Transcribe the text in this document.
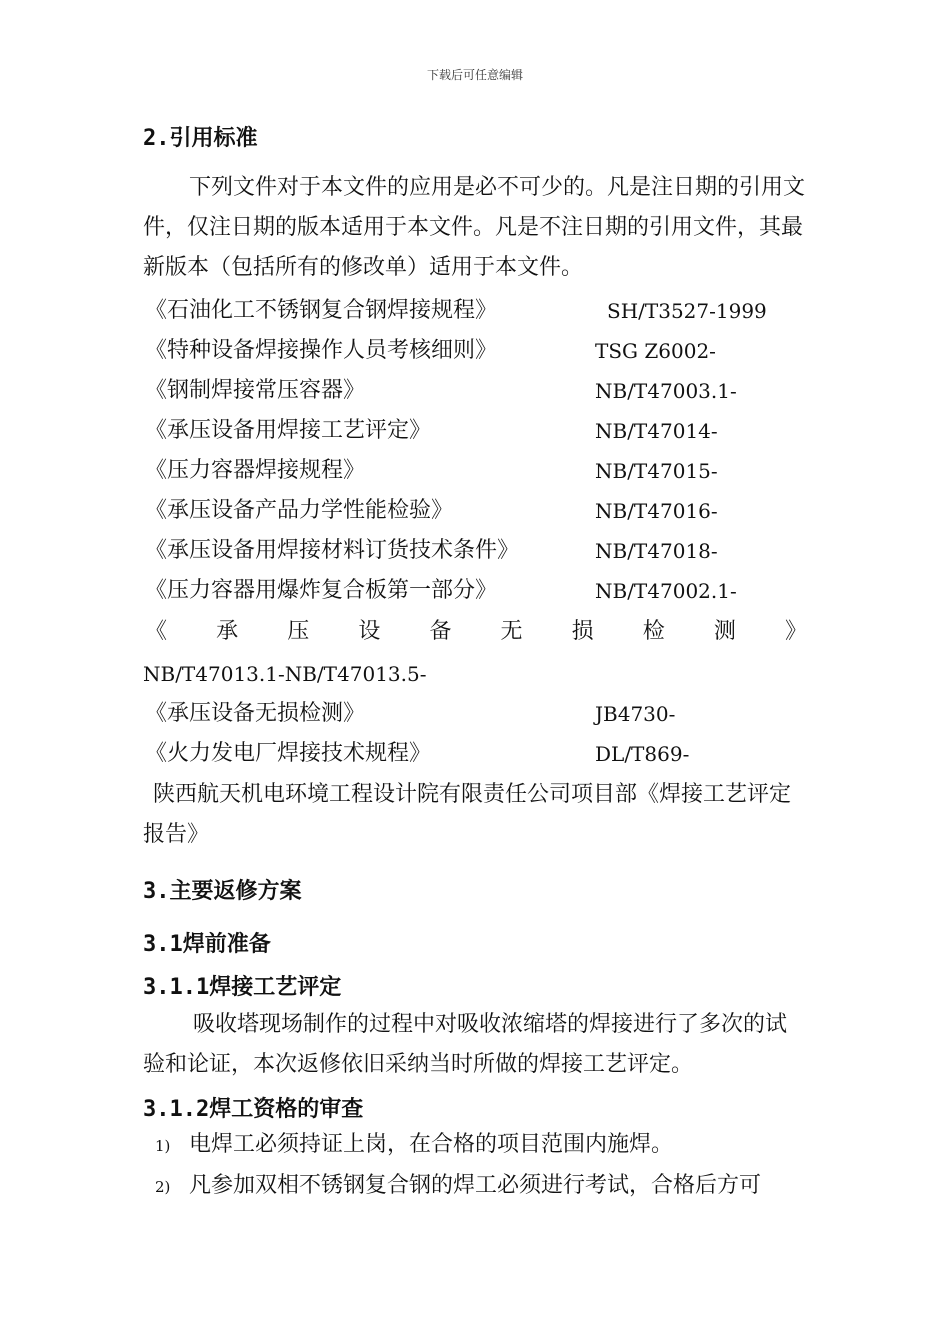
下载后可任意编辑
2.引用标准
下列文件对于本文件的应用是必不可少的。凡是注日期的引用文件，仅注日期的版本适用于本文件。凡是不注日期的引用文件，其最新版本（包括所有的修改单）适用于本文件。
《石油化工不锈钢复合钢焊接规程》	SH/T3527-1999
《特种设备焊接操作人员考核细则》	TSG Z6002-
《钢制焊接常压容器》	NB/T47003.1-
《承压设备用焊接工艺评定》	NB/T47014-
《压力容器焊接规程》	NB/T47015-
《承压设备产品力学性能检验》	NB/T47016-
《承压设备用焊接材料订货技术条件》	NB/T47018-
《压力容器用爆炸复合板第一部分》	NB/T47002.1-
《 承 压 设 备 无 损 检 测 》
NB/T47013.1-NB/T47013.5-
《承压设备无损检测》	JB4730-
《火力发电厂焊接技术规程》	DL/T869-
陕西航天机电环境工程设计院有限责任公司项目部《焊接工艺评定报告》
3.主要返修方案
3.1焊前准备
3.1.1焊接工艺评定
吸收塔现场制作的过程中对吸收浓缩塔的焊接进行了多次的试验和论证，本次返修依旧采纳当时所做的焊接工艺评定。
3.1.2焊工资格的审查
1) 电焊工必须持证上岗，在合格的项目范围内施焊。
2) 凡参加双相不锈钢复合钢的焊工必须进行考试，合格后方可
